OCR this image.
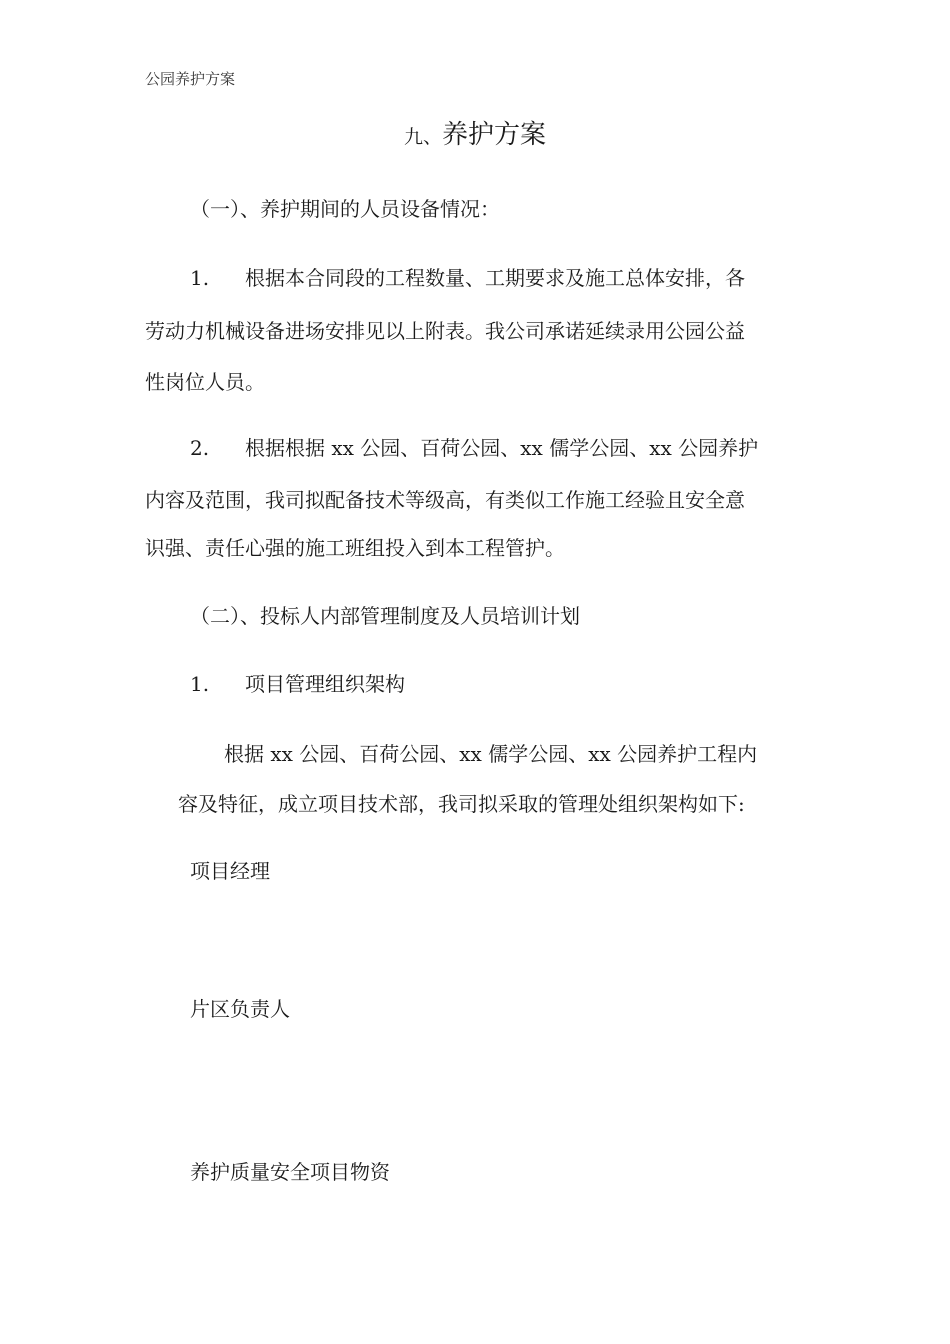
公园养护方案
九、养护方案
（一）、养护期间的人员设备情况：
1. 根据本合同段的工程数量、工期要求及施工总体安排，各
劳动力机械设备进场安排见以上附表。我公司承诺延续录用公园公益
性岗位人员。
2. 根据根据 xx 公园、百荷公园、xx 儒学公园、xx 公园养护
内容及范围，我司拟配备技术等级高，有类似工作施工经验且安全意
识强、责任心强的施工班组投入到本工程管护。
（二）、投标人内部管理制度及人员培训计划
1. 项目管理组织架构
根据 xx 公园、百荷公园、xx 儒学公园、xx 公园养护工程内
容及特征，成立项目技术部，我司拟采取的管理处组织架构如下:
项目经理
片区负责人
养护质量安全项目物资
